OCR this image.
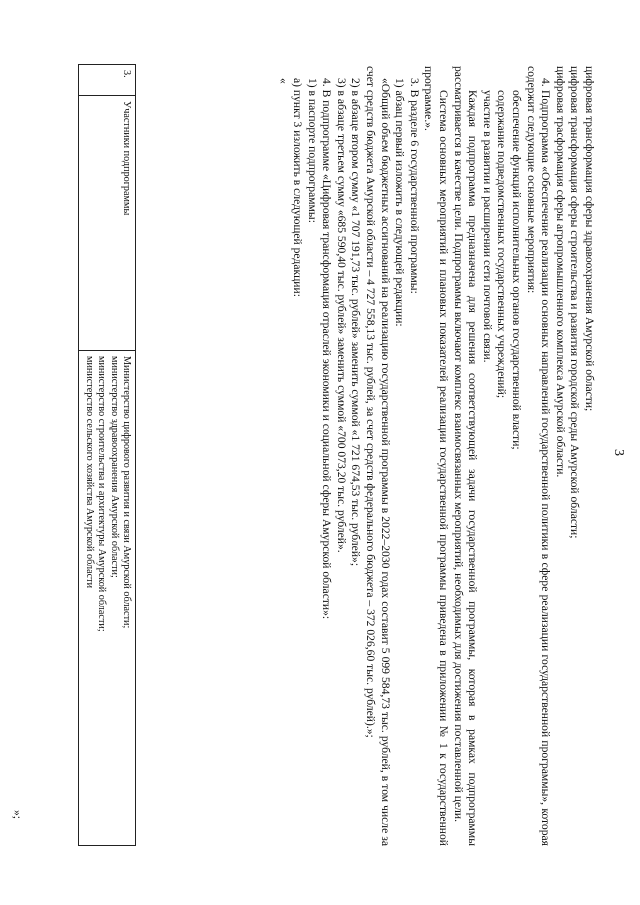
3

цифровая трансформация сферы здравоохранения Амурской области;

цифровая трансформация сферы строительства и развития городской среды Амурской области;

цифровая трасформация сферы агропромышленного комплекса Амурской области.

4. Подпрограмма «Обеспечение реализации основных направлений государственной политики в сфере реализации государственной программы», которая содержит следующие основные мероприятия:

обеспечение функций исполнительных органов государственной власти;

содержание подведомственных государственных учреждений;

участие в развитии и расширении сети почтовой связи.

Каждая подпрограмма предназначена для решения соответствующей задачи государственной программы, которая в рамках подпрограммы рассматривается в качестве цели. Подпрограммы включают комплекс взаимосвязанных мероприятий, необходимых для достижения поставленной цели.

Система основных мероприятий и плановых показателей реализации государственной программы приведена в приложении № 1 к государственной программе.».

3. В разделе 6 государственной программы:

1) абзац первый изложить в следующей редакции:

«Общий объем бюджетных ассигнований на реализацию государственной программы в 2022–2030 годах составит 5 099 584,73 тыс. рублей, в том числе за счет средств бюджета Амурской области – 4 727 558,13 тыс. рублей, за счет средств федерального бюджета – 372 026,60 тыс. рублей).»;

2) в абзаце втором сумму «1 707 191,73 тыс. рублей» заменить суммой «1 721 674,53 тыс. рублей»;

3) в абзаце третьем сумму «685 590,40 тыс. рублей» заменить суммой «700 073,20 тыс. рублей».

4. В подпрограмме «Цифровая трансформация отраслей экономики и социальной сферы Амурской области»:

1) в паспорте подпрограммы:

а) пункт 3 изложить в следующей редакции:

«

3.	Участники подпрограммы	
Министерство цифрового развития и связи Амурской области;
министерство здравоохранения Амурской области;
министерство строительства и архитектуры Амурской области;
министерство сельского хозяйства Амурской области
»;
